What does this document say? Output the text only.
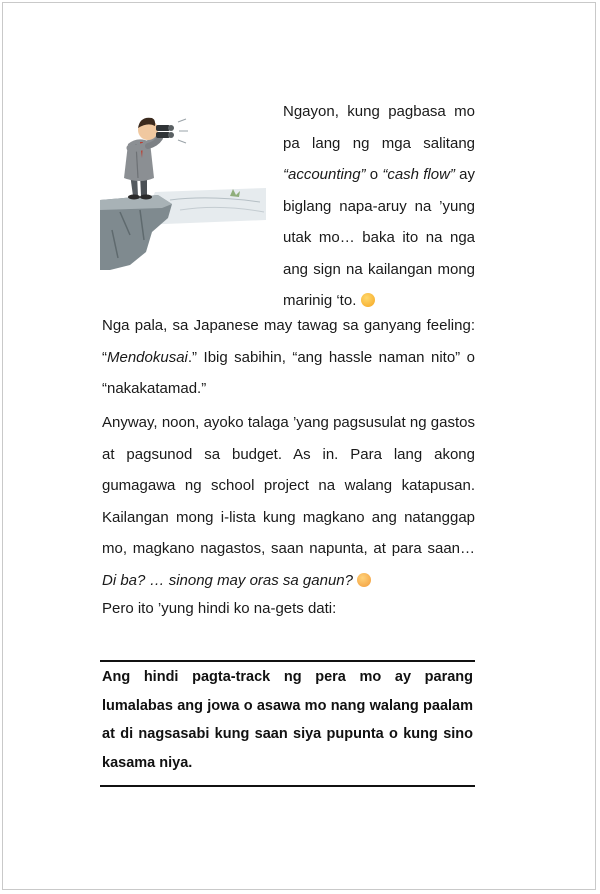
Ngayon, kung pagbasa mo pa lang ng mga salitang “accounting” o “cash flow” ay biglang napa-aruy na ’yung utak mo… baka ito na nga ang sign na kailangan mong marinig ‘to.

Nga pala, sa Japanese may tawag sa ganyang feeling: “Mendokusai.” Ibig sabihin, “ang hassle naman nito” o “nakakatamad.”

Anyway, noon, ayoko talaga ’yang pagsusulat ng gastos at pagsunod sa budget. As in. Para lang akong gumagawa ng school project na walang katapusan. Kailangan mong i-lista kung magkano ang natanggap mo, magkano nagastos, saan napunta, at para saan… Di ba? … sinong may oras sa ganun?

Pero ito ’yung hindi ko na-gets dati:

Ang hindi pagta-track ng pera mo ay parang lumalabas ang jowa o asawa mo nang walang paalam at di nagsasabi kung saan siya pupunta o kung sino kasama niya.
